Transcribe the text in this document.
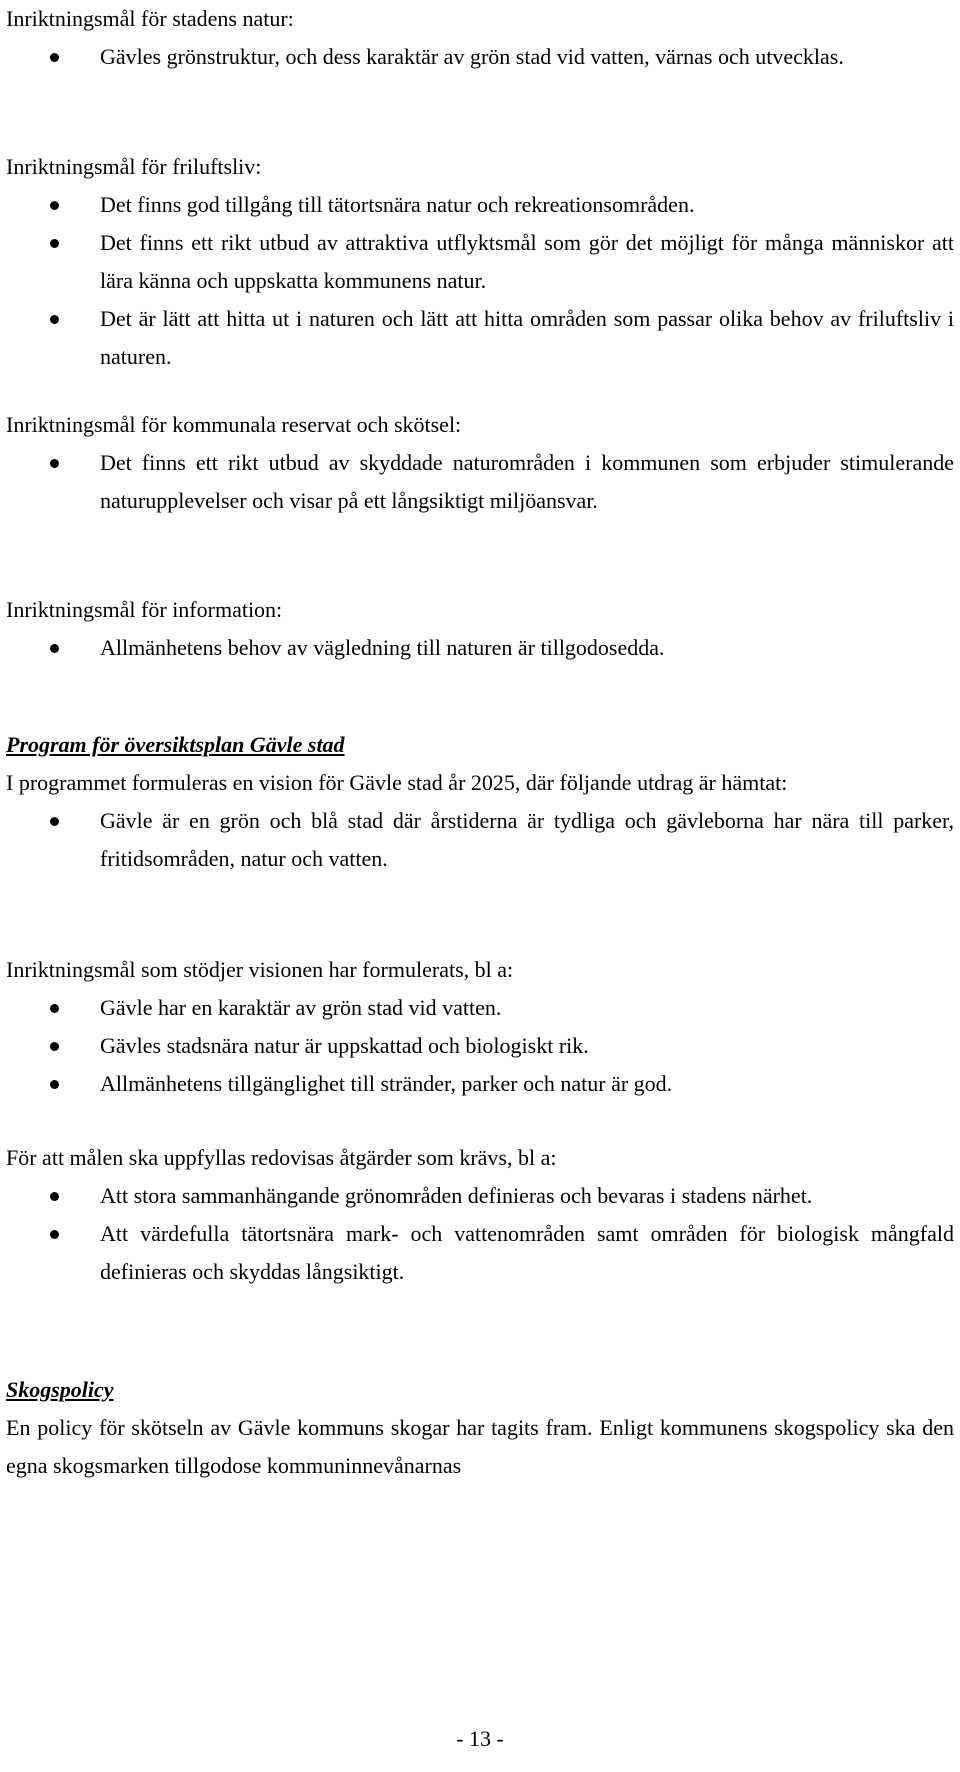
Inriktningsmål för stadens natur:

Gävles grönstruktur, och dess karaktär av grön stad vid vatten, värnas och utvecklas.

Inriktningsmål för friluftsliv:

Det finns god tillgång till tätortsnära natur och rekreationsområden.
Det finns ett rikt utbud av attraktiva utflyktsmål som gör det möjligt för många människor att lära känna och uppskatta kommunens natur.
Det är lätt att hitta ut i naturen och lätt att hitta områden som passar olika behov av friluftsliv i naturen.

Inriktningsmål för kommunala reservat och skötsel:

Det finns ett rikt utbud av skyddade naturområden i kommunen som erbjuder stimulerande naturupplevelser och visar på ett långsiktigt miljöansvar.

Inriktningsmål för information:

Allmänhetens behov av vägledning till naturen är tillgodosedda.

Program för översiktsplan Gävle stad

I programmet formuleras en vision för Gävle stad år 2025, där följande utdrag är hämtat:

Gävle är en grön och blå stad där årstiderna är tydliga och gävleborna har nära till parker, fritidsområden, natur och vatten.

Inriktningsmål som stödjer visionen har formulerats, bl a:

Gävle har en karaktär av grön stad vid vatten.
Gävles stadsnära natur är uppskattad och biologiskt rik.
Allmänhetens tillgänglighet till stränder, parker och natur är god.

För att målen ska uppfyllas redovisas åtgärder som krävs, bl a:

Att stora sammanhängande grönområden definieras och bevaras i stadens närhet.
Att värdefulla tätortsnära mark- och vattenområden samt områden för biologisk mångfald definieras och skyddas långsiktigt.

Skogspolicy

En policy för skötseln av Gävle kommuns skogar har tagits fram. Enligt kommunens skogspolicy ska den egna skogsmarken tillgodose kommuninnevånarnas

- 13 -
